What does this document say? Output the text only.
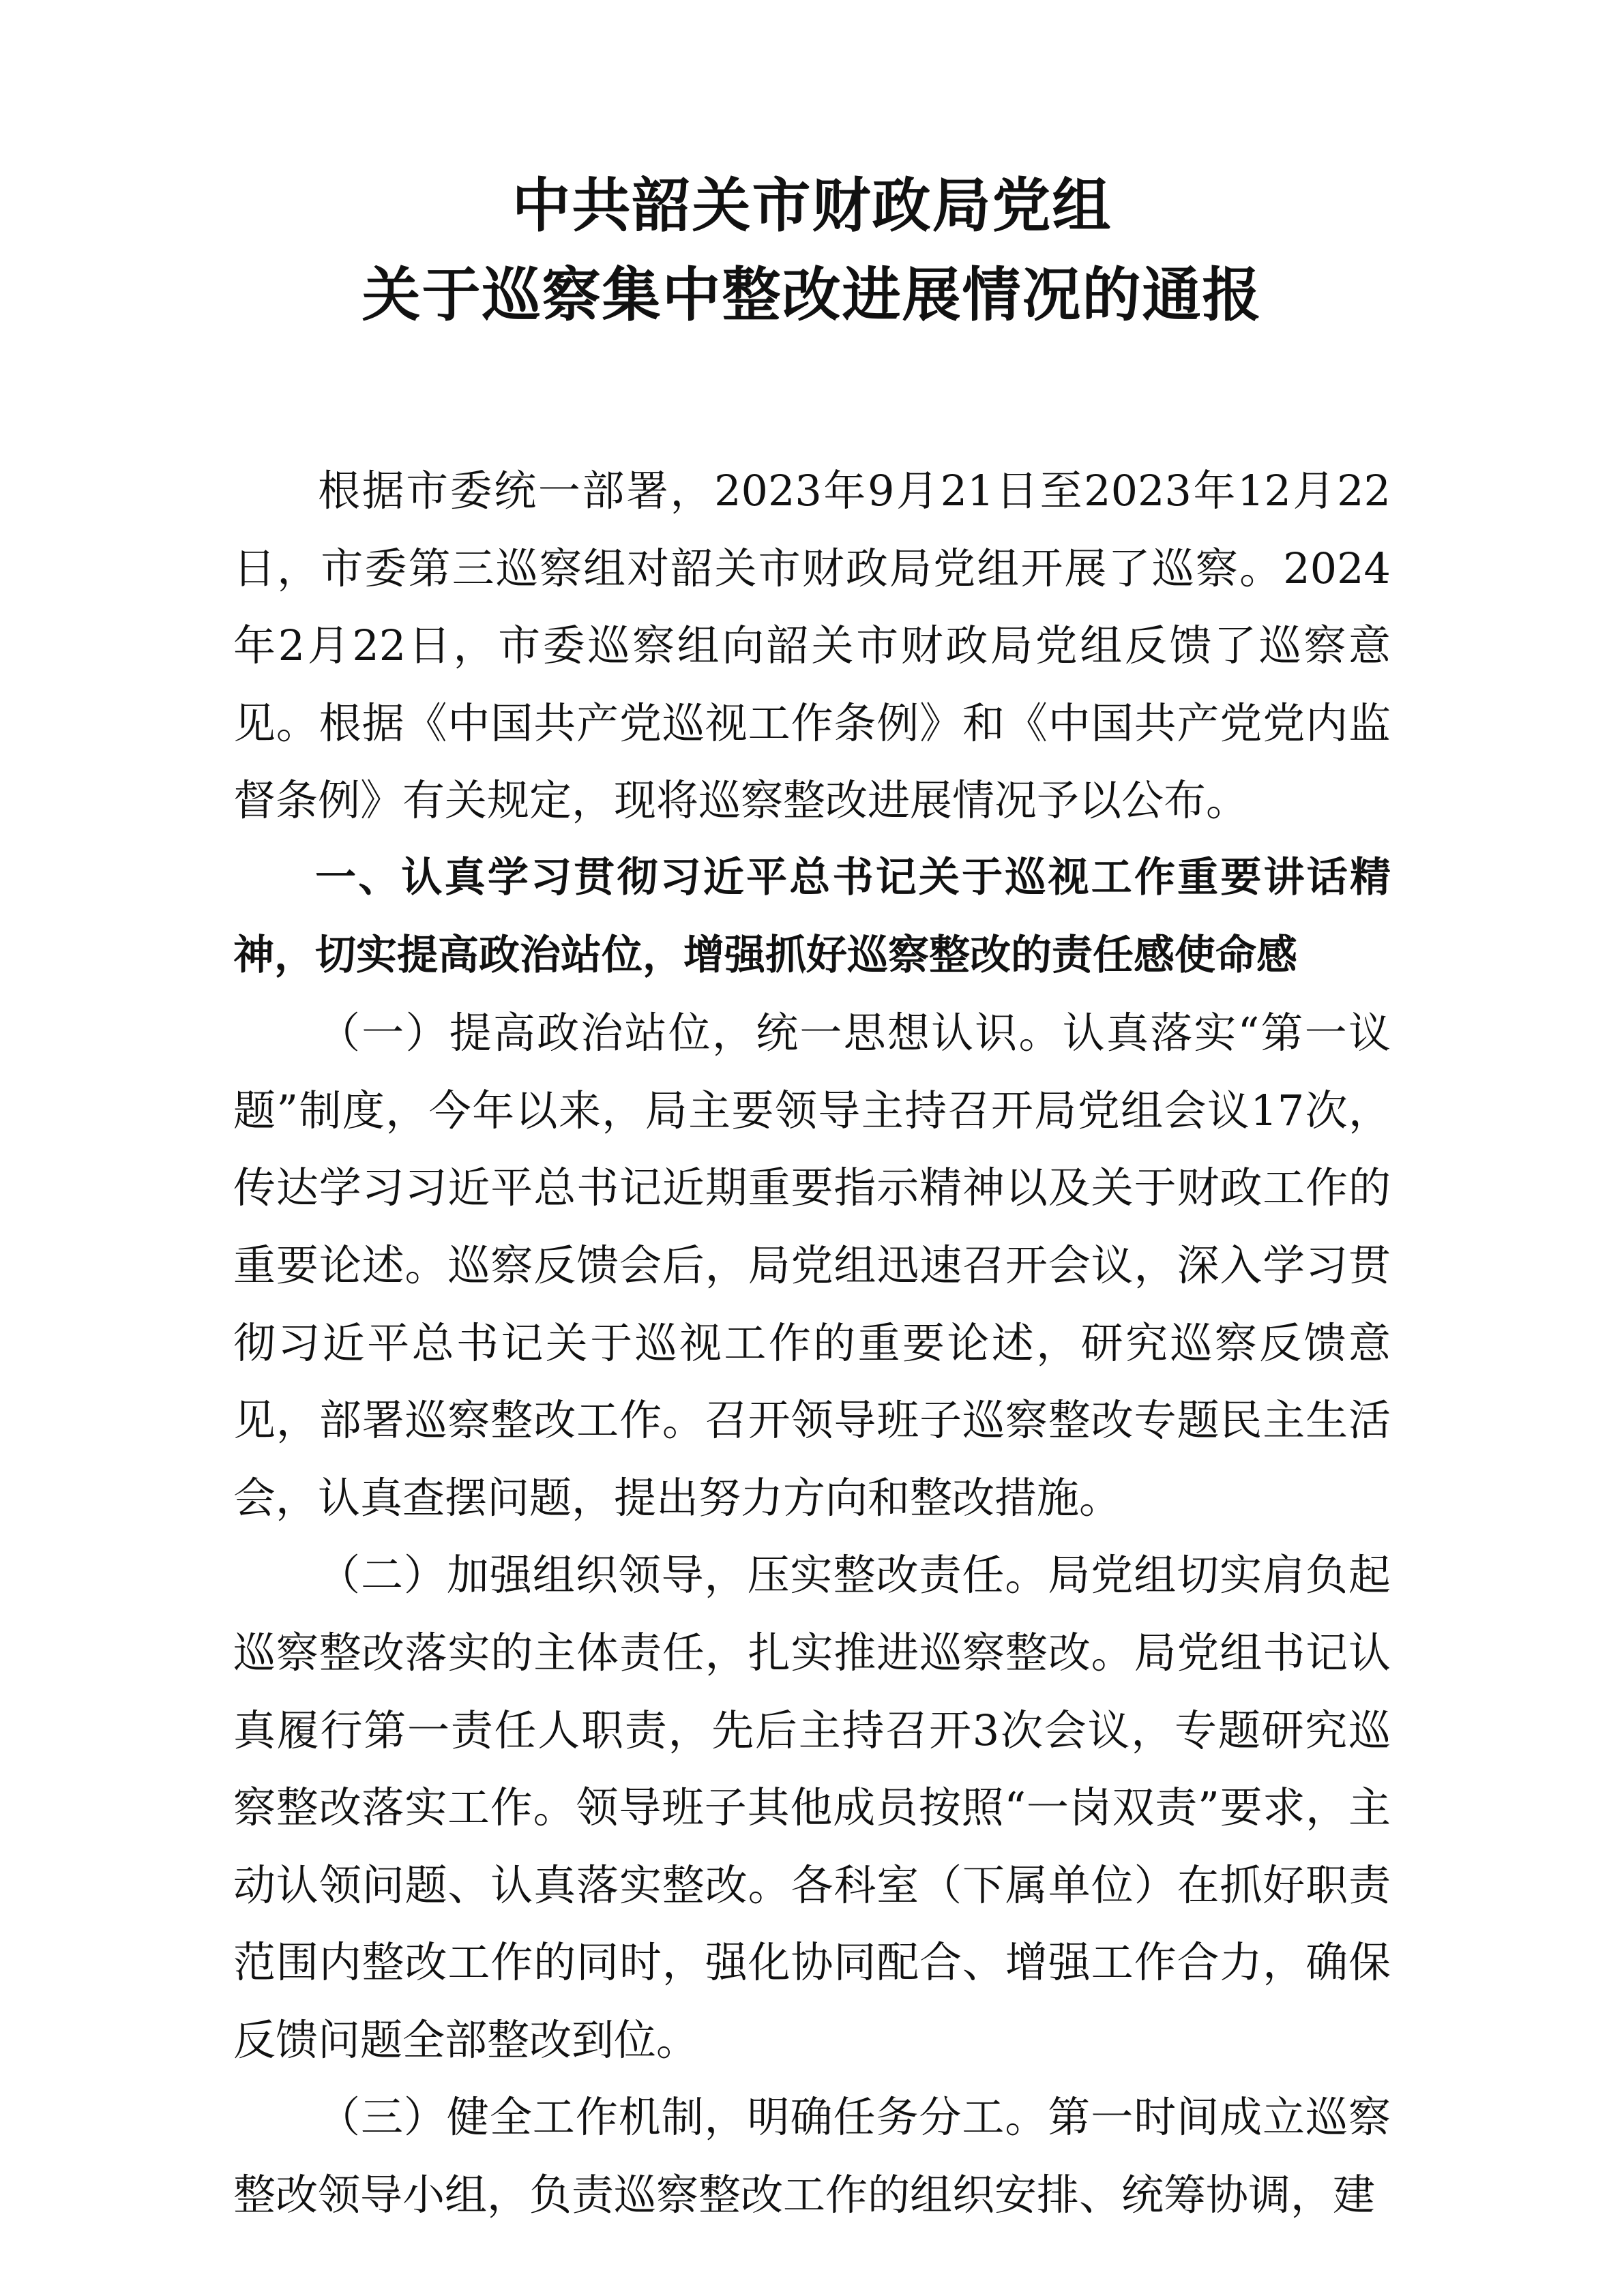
中共韶关市财政局党组
关于巡察集中整改进展情况的通报

根据市委统一部署，2023年9月21日至2023年12月22日，市委第三巡察组对韶关市财政局党组开展了巡察。2024年2月22日，市委巡察组向韶关市财政局党组反馈了巡察意见。根据《中国共产党巡视工作条例》和《中国共产党党内监督条例》有关规定，现将巡察整改进展情况予以公布。

一、认真学习贯彻习近平总书记关于巡视工作重要讲话精神，切实提高政治站位，增强抓好巡察整改的责任感使命感

（一）提高政治站位，统一思想认识。认真落实“第一议题”制度，今年以来，局主要领导主持召开局党组会议17次，传达学习习近平总书记近期重要指示精神以及关于财政工作的重要论述。巡察反馈会后，局党组迅速召开会议，深入学习贯彻习近平总书记关于巡视工作的重要论述，研究巡察反馈意见，部署巡察整改工作。召开领导班子巡察整改专题民主生活会，认真查摆问题，提出努力方向和整改措施。

（二）加强组织领导，压实整改责任。局党组切实肩负起巡察整改落实的主体责任，扎实推进巡察整改。局党组书记认真履行第一责任人职责，先后主持召开3次会议，专题研究巡察整改落实工作。领导班子其他成员按照“一岗双责”要求，主动认领问题、认真落实整改。各科室（下属单位）在抓好职责范围内整改工作的同时，强化协同配合、增强工作合力，确保反馈问题全部整改到位。

（三）健全工作机制，明确任务分工。第一时间成立巡察整改领导小组，负责巡察整改工作的组织安排、统筹协调，建
